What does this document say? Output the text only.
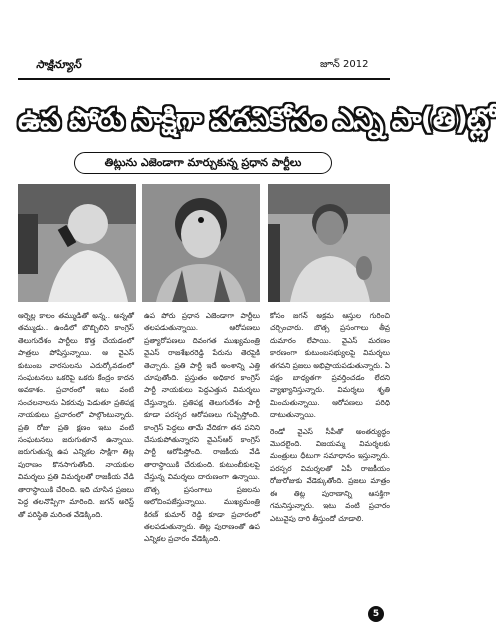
సాక్షిన్యూస్	జూన్ 2012
ఉప పోరు సాక్షిగా పదవికోసం ఎన్ని పా(తి)ట్లో
తిట్లును ఎజెండాగా మార్చుకున్న ప్రధాన పార్టీలు

ఆర్నెల్ల కాలం తమ్ముడితో అన్న.. అన్నతో తమ్ముడు.. ఉండిలో బొబ్బిలిని కాంగ్రెస్ తెలుగుదేశం పార్టీలు కొత్త చేయడంలో పాత్రలు పోషిస్తున్నాయి. ఆ వైఎస్ కుటుంబ వారసులను ఎదుర్కోవడంలో సంఘటనలు ఒకరిపై ఒకరు కేంద్రం కాదన అవకాశం. ప్రచారంలో ఇటు వంటి సంచలనాలను ఏకరువు పెడుతూ ప్రతిపక్ష నాయకులు ప్రచారంలో పాల్గొంటున్నారు. ప్రతి రోజు ప్రతి క్షణం ఇటు వంటి సంఘటనలు జరుగుతూనే ఉన్నాయి. జరుగుతున్న ఉప ఎన్నికల సాక్షిగా తిట్ల పురాణం కొనసాగుతోంది. నాయకుల విమర్శలు ప్రతి విమర్శలతో రాజకీయ వేడి తారాస్థాయికి చేరింది. ఇది చూసిన ప్రజలు పెద్ద తలనొప్పిగా మారింది. జగన్ అరెస్ట్ తో పరిస్థితి మరింత వేడెక్కింది.

ఉప పోరు ప్రధాన ఎజెండాగా పార్టీలు తలపడుతున్నాయి. ఆరోపణలు ప్రత్యారోపణలు దివంగత ముఖ్యమంత్రి వైఎస్ రాజశేఖరరెడ్డి పేరును తెరపైకి తెచ్చారు. ప్రతి పార్టీ ఇదే అంశాన్ని ఎత్తి చూపుతోంది. ప్రస్తుతం అధికార కాంగ్రెస్ పార్టీ నాయకులు పెద్దఎత్తున విమర్శలు చేస్తున్నారు. ప్రతిపక్ష తెలుగుదేశం పార్టీ కూడా పరస్పర ఆరోపణలు గుప్పిస్తోంది. కాంగ్రెస్ పెద్దలు తామే వేదికగా తన పనిని చేసుకుపోతున్నారని వైఎస్ఆర్ కాంగ్రెస్ పార్టీ ఆరోపిస్తోంది. రాజకీయ వేడి తారాస్థాయికి చేరుకుంది. కుటుంబీకులపై చేస్తున్న విమర్శలు దారుణంగా ఉన్నాయి. బొత్స ప్రసంగాలు ప్రజలను ఆలోచింపజేస్తున్నాయి. ముఖ్యమంత్రి కిరణ్ కుమార్ రెడ్డి కూడా ప్రచారంలో తలపడుతున్నారు. తిట్ల పురాణంతో ఉప ఎన్నికల ప్రచారం వేడెక్కింది.

కోసం జగన్ అక్రమ ఆస్తుల గురించి చర్చించారు. బొత్స ప్రసంగాలు తీవ్ర దుమారం లేపాయి. వైఎస్ మరణం కారణంగా కుటుంబసభ్యులపై విమర్శలు తగవని ప్రజలు అభిప్రాయపడుతున్నారు. ఏ పక్షం బాధ్యతగా ప్రవర్తించడం లేదని వ్యాఖ్యానిస్తున్నారు. విమర్శలు శృతి మించుతున్నాయి. ఆరోపణలు పరిధి దాటుతున్నాయి.

రెండో వైఎస్ సీపీతో అంతర్యుద్ధం మొదలైంది. విజయమ్మ విమర్శలకు మంత్రులు ధీటుగా సమాధానం ఇస్తున్నారు. పరస్పర విమర్శలతో ఏపీ రాజకీయం రోజురోజుకు వేడెక్కుతోంది. ప్రజలు మాత్రం ఈ తిట్ల పురాణాన్ని ఆసక్తిగా గమనిస్తున్నారు. ఇటు వంటి ప్రచారం ఎటువైపు దారి తీస్తుందో చూడాలి.

5
